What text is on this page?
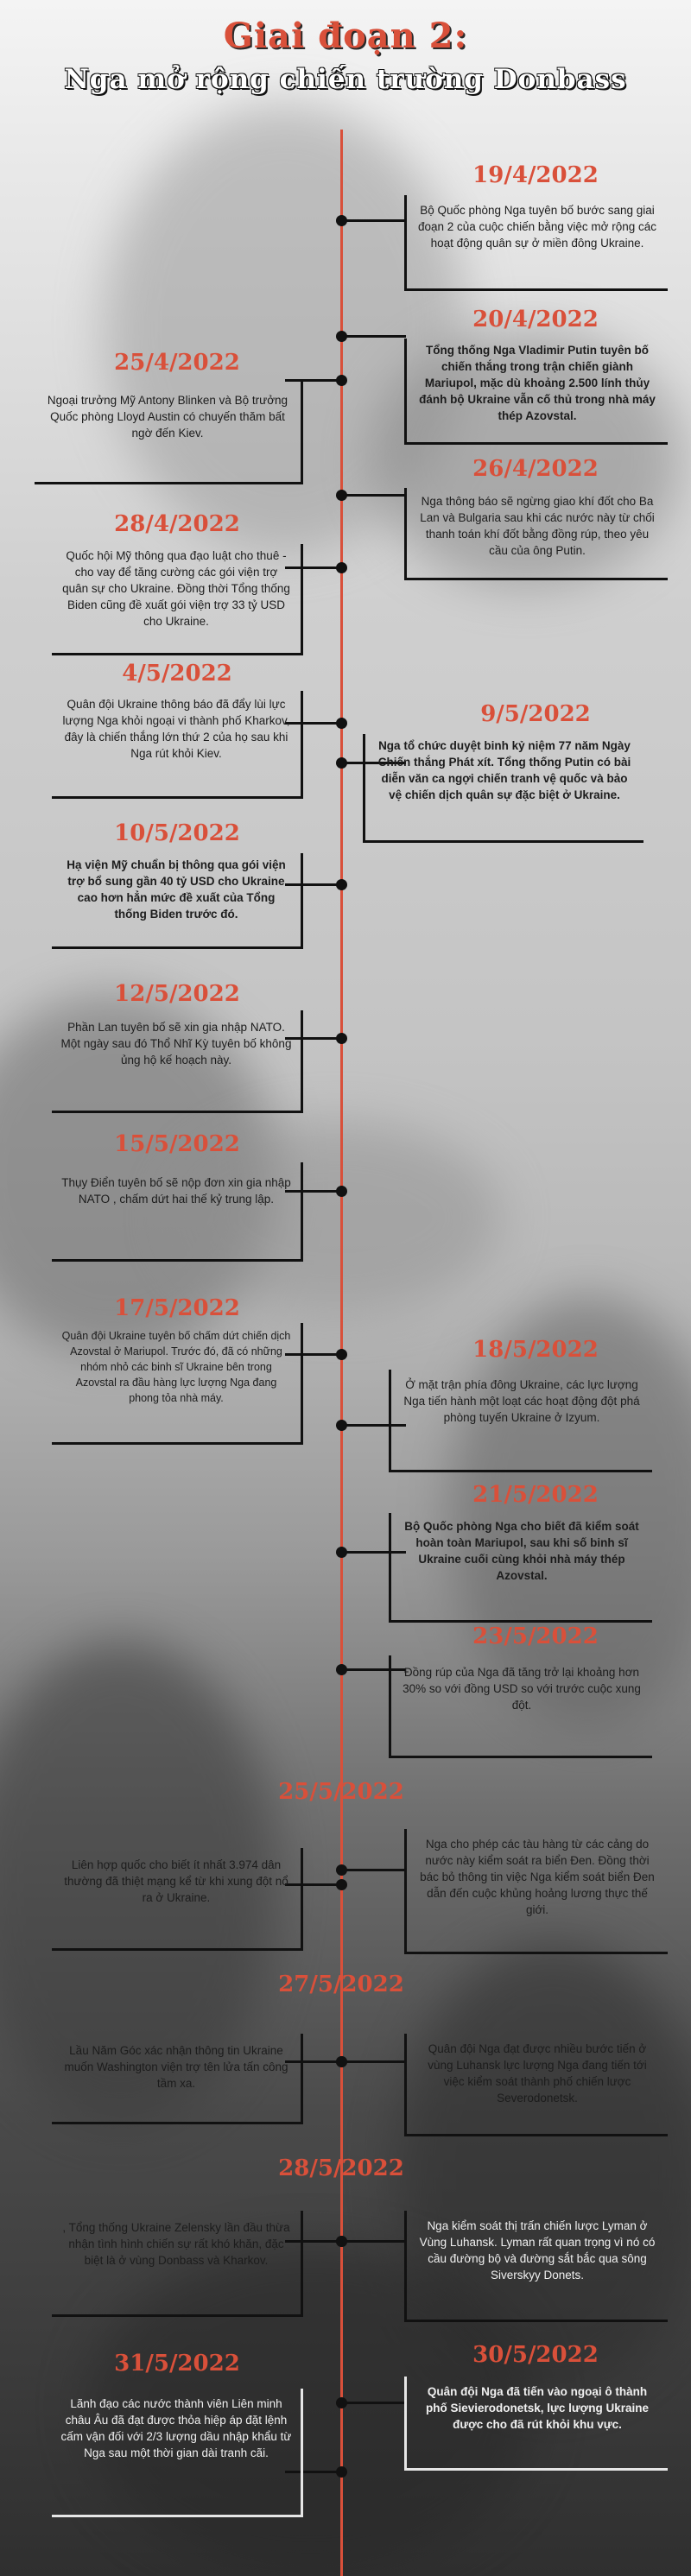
Giai đoạn 2:
Nga mở rộng chiến trường Donbass
19/4/2022
Bộ Quốc phòng Nga tuyên bố bước sang giai đoạn 2 của cuộc chiến bằng việc mở rộng các hoạt động quân sự ở miền đông Ukraine.
20/4/2022
Tổng thống Nga Vladimir Putin tuyên bố chiến thắng trong trận chiến giành Mariupol, mặc dù khoảng 2.500 lính thủy đánh bộ Ukraine vẫn cố thủ trong nhà máy thép Azovstal.
25/4/2022
Ngoại trưởng Mỹ Antony Blinken và Bộ trưởng Quốc phòng Lloyd Austin có chuyến thăm bất ngờ đến Kiev.
26/4/2022
Nga thông báo sẽ ngừng giao khí đốt cho Ba Lan và Bulgaria sau khi các nước này từ chối thanh toán khí đốt bằng đồng rúp, theo yêu cầu của ông Putin.
28/4/2022
Quốc hội Mỹ thông qua đạo luật cho thuê - cho vay để tăng cường các gói viện trợ quân sự cho Ukraine. Đồng thời Tổng thống Biden cũng đề xuất gói viện trợ 33 tỷ USD cho Ukraine.
4/5/2022
Quân đội Ukraine thông báo đã đẩy lùi lực lượng Nga khỏi ngoại vi thành phố Kharkov, đây là chiến thắng lớn thứ 2 của họ sau khi Nga rút khỏi Kiev.
9/5/2022
Nga tổ chức duyệt binh kỷ niệm 77 năm Ngày Chiến thắng Phát xít. Tổng thống Putin có bài diễn văn ca ngợi chiến tranh vệ quốc và bảo vệ chiến dịch quân sự đặc biệt ở Ukraine.
10/5/2022
Hạ viện Mỹ chuẩn bị thông qua gói viện trợ bổ sung gần 40 tỷ USD cho Ukraine cao hơn hẳn mức đề xuất của Tổng thống Biden trước đó.
12/5/2022
Phần Lan tuyên bố sẽ xin gia nhập NATO. Một ngày sau đó Thổ Nhĩ Kỳ tuyên bố không ủng hộ kế hoạch này.
15/5/2022
Thụy Điển tuyên bố sẽ nộp đơn xin gia nhập NATO , chấm dứt hai thế kỷ trung lập.
17/5/2022
Quân đội Ukraine tuyên bố chấm dứt chiến dịch Azovstal ở Mariupol. Trước đó, đã có những nhóm nhỏ các binh sĩ Ukraine bên trong Azovstal ra đầu hàng lực lượng Nga đang phong tỏa nhà máy.
18/5/2022
Ở mặt trận phía đông Ukraine, các lực lượng Nga tiến hành một loạt các hoạt động đột phá phòng tuyến Ukraine ở Izyum.
21/5/2022
Bộ Quốc phòng Nga cho biết đã kiểm soát hoàn toàn Mariupol, sau khi số binh sĩ Ukraine cuối cùng khỏi nhà máy thép Azovstal.
23/5/2022
Đồng rúp của Nga đã tăng trở lại khoảng hơn 30% so với đồng USD so với trước cuộc xung đột.
25/5/2022
Liên hợp quốc cho biết ít nhất 3.974 dân thường đã thiệt mạng kể từ khi xung đột nổ ra ở Ukraine.
Nga cho phép các tàu hàng từ các cảng do nước này kiểm soát ra biển Đen. Đồng thời bác bỏ thông tin việc Nga kiểm soát biển Đen dẫn đến cuộc khủng hoảng lương thực thế giới.
27/5/2022
Lầu Năm Góc xác nhận thông tin Ukraine muốn Washington viện trợ tên lửa tấn công tầm xa.
Quân đội Nga đạt được nhiều bước tiến ở vùng Luhansk lực lượng Nga đang tiến tới việc kiểm soát thành phố chiến lược Severodonetsk.
28/5/2022
, Tổng thống Ukraine Zelensky lần đầu thừa nhận tình hình chiến sự rất khó khăn, đặc biệt là ở vùng Donbass và Kharkov.
Nga kiểm soát thị trấn chiến lược Lyman ở Vùng Luhansk. Lyman rất quan trọng vì nó có cầu đường bộ và đường sắt bắc qua sông Siverskyy Donets.
30/5/2022
Quân đội Nga đã tiến vào ngoại ô thành phố Sievierodonetsk, lực lượng Ukraine được cho đã rút khỏi khu vực.
31/5/2022
Lãnh đạo các nước thành viên Liên minh châu Âu đã đạt được thỏa hiệp áp đặt lệnh cấm vận đối với 2/3 lượng dầu nhập khẩu từ Nga sau một thời gian dài tranh cãi.
